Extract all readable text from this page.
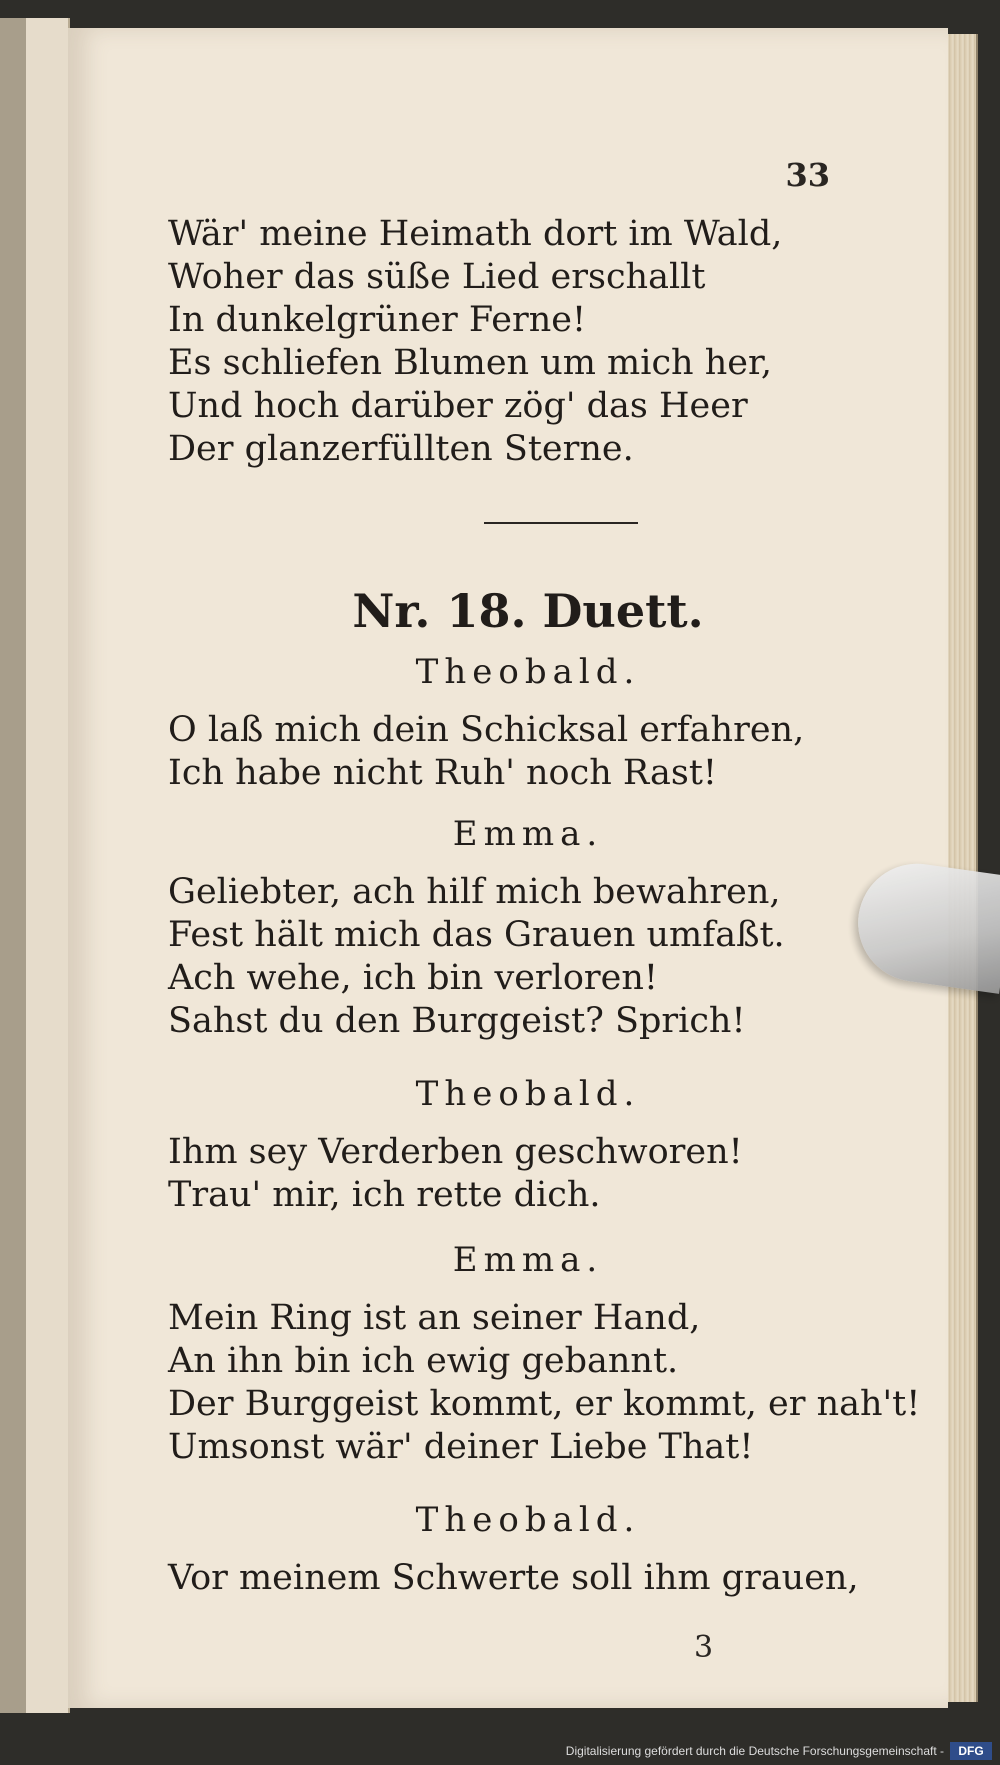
33

Wär' meine Heimath dort im Wald,

Woher das süße Lied erschallt

In dunkelgrüner Ferne!

Es schliefen Blumen um mich her,

Und hoch darüber zög' das Heer

Der glanzerfüllten Sterne.

Nr. 18. Duett.

Theobald.

O laß mich dein Schicksal erfahren,

Ich habe nicht Ruh' noch Rast!

Emma.

Geliebter, ach hilf mich bewahren,

Fest hält mich das Grauen umfaßt.

Ach wehe, ich bin verloren!

Sahst du den Burggeist? Sprich!

Theobald.

Ihm sey Verderben geschworen!

Trau' mir, ich rette dich.

Emma.

Mein Ring ist an seiner Hand,

An ihn bin ich ewig gebannt.

Der Burggeist kommt, er kommt, er nah't!

Umsonst wär' deiner Liebe That!

Theobald.

Vor meinem Schwerte soll ihm grauen,

3

Digitalisierung gefördert durch die Deutsche Forschungsgemeinschaft -	DFG
